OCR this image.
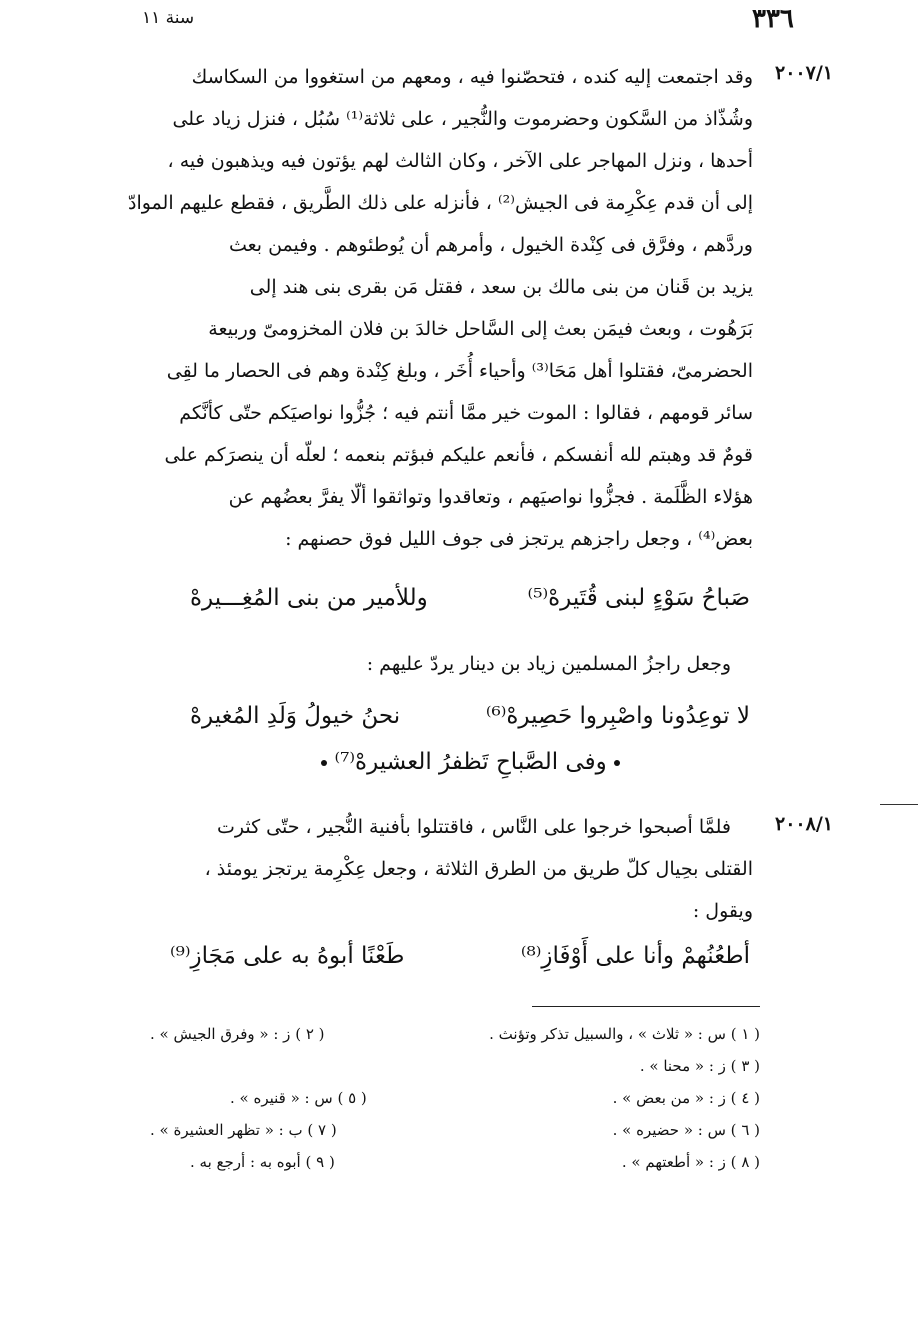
٣٣٦
سنة ١١
٢٠٠٧/١
٢٠٠٨/١
وقد اجتمعت إليه كنده ، فتحصّنوا فيه ، ومعهم من استغووا من السكاسك
وشُذّاذ من السَّكون وحضرموت والنُّجير ، على ثلاثة⁽¹⁾ سُبُل ، فنزل زياد على
أحدها ، ونزل المهاجر على الآخر ، وكان الثالث لهم يؤتون فيه ويذهبون فيه ،
إلى أن قدم عِكْرِمة فى الجيش⁽²⁾ ، فأنزله على ذلك الطَّريق ، فقطع عليهم الموادّ
وردَّهم ، وفرَّق فى كِنْدة الخيول ، وأمرهم أن يُوطئوهم . وفيمن بعث
يزيد بن قَنان من بنى مالك بن سعد ، فقتل مَن بقرى بنى هند إلى
بَرَهُوت ، وبعث فيمَن بعث إلى السَّاحل خالدَ بن فلان المخزومىّ وربيعة
الحضرمىّ، فقتلوا أهل مَحَا⁽³⁾ وأحياء أُخَر ، وبلغ كِنْدة وهم فى الحصار ما لقِى
سائر قومهم ، فقالوا : الموت خير ممَّا أنتم فيه ؛ جُزُّوا نواصيَكم حتّى كأنَّكم
قومٌ قد وهبتم لله أنفسكم ، فأنعم عليكم فبؤتم بنعمه ؛ لعلّه أن ينصرَكم على
هؤلاء الظَّلَمة . فجزُّوا نواصيَهم ، وتعاقدوا وتواثقوا ألّا يفرَّ بعضُهم عن
بعض⁽⁴⁾ ، وجعل راجزهم يرتجز فى جوف الليل فوق حصنهم :
صَباحُ سَوْءٍ لبنى قُتَيرهْ⁽⁵⁾
وللأمير من بنى المُغِـــيرهْ
وجعل راجزُ المسلمين زياد بن دينار يردّ عليهم :
لا توعِدُونا واصْبِروا حَصِيرهْ⁽⁶⁾
نحنُ خيولُ وَلَدِ المُغيرهْ
وفى الصَّباحِ تَظفرُ العشيرهْ⁽⁷⁾
فلمَّا أصبحوا خرجوا على النَّاس ، فاقتتلوا بأفنية النُّجير ، حتّى كثرت
القتلى بحِيال كلّ طريق من الطرق الثلاثة ، وجعل عِكْرِمة يرتجز يومئذ ،
ويقول :
أطعُنُهمْ وأنا على أَوْفَازِ⁽⁸⁾
طَعْنًا أبوهُ به على مَجَازِ⁽⁹⁾
( ١ ) س : « ثلاث » ، والسبيل تذكر وتؤنث .
( ٢ ) ز : « وفرق الجيش » .
( ٣ ) ز : « محنا » .
( ٤ ) ز : « من بعض » .
( ٥ ) س : « قنيره » .
( ٦ ) س : « حضيره » .
( ٧ ) ب : « تظهر العشيرة » .
( ٨ ) ز : « أطعتهم » .
( ٩ ) أبوه به : أرجع به .
